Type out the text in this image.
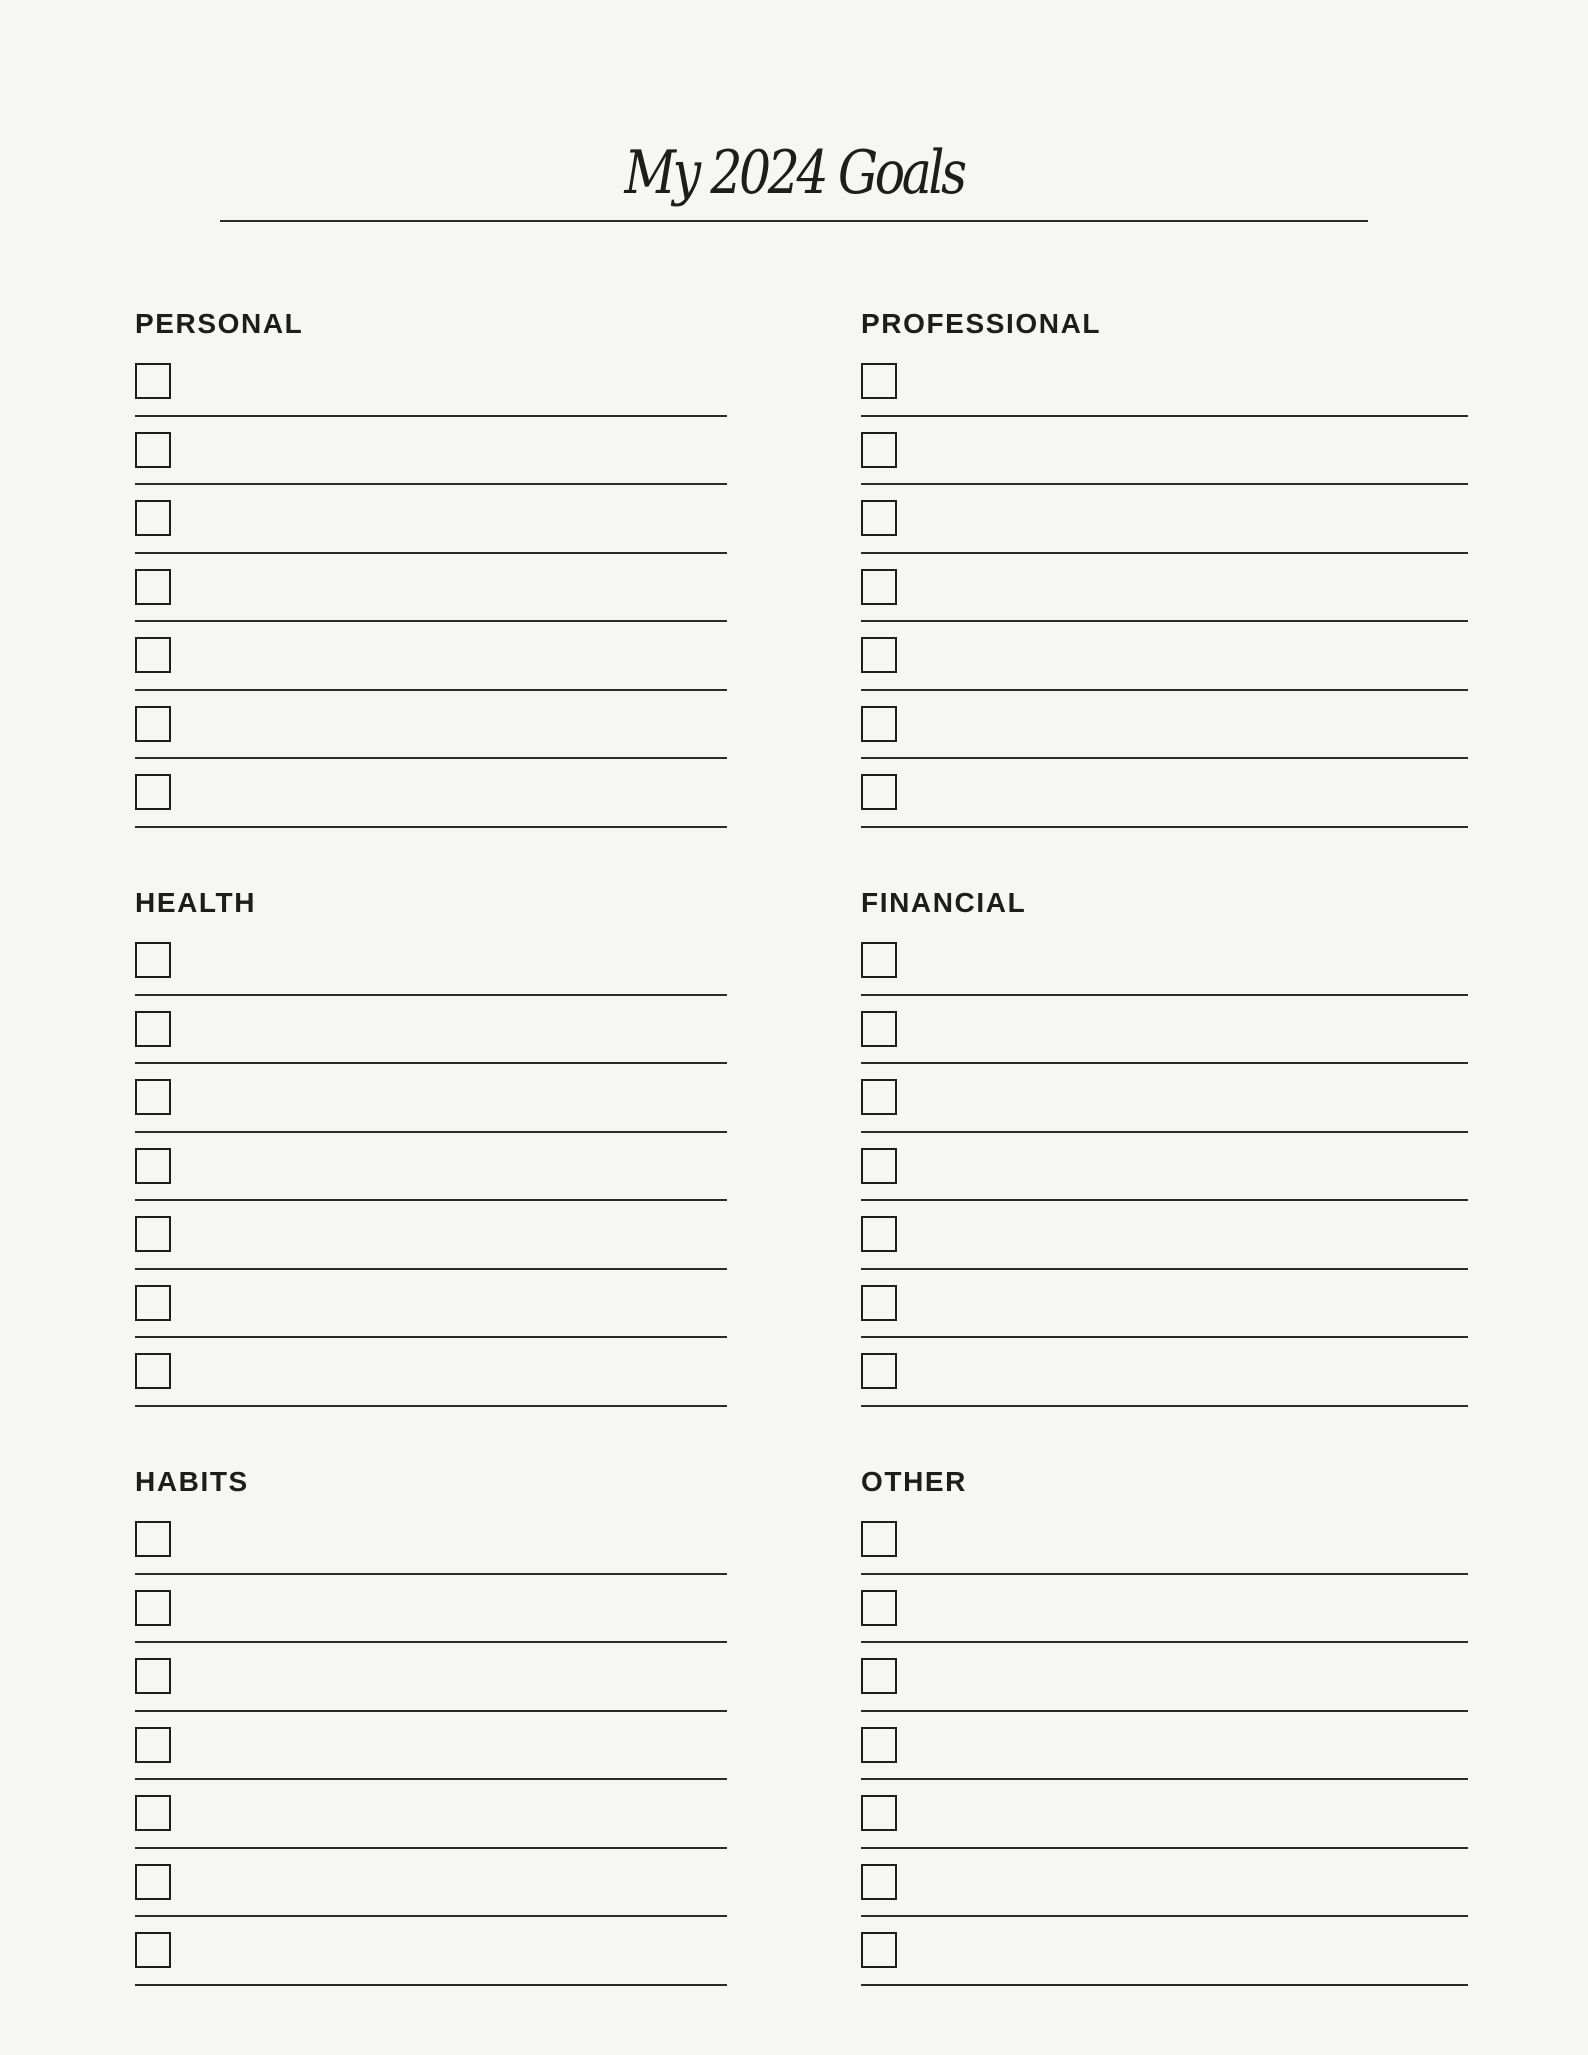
My 2024 Goals
PERSONAL	PROFESSIONAL
HEALTH	FINANCIAL
HABITS	OTHER
